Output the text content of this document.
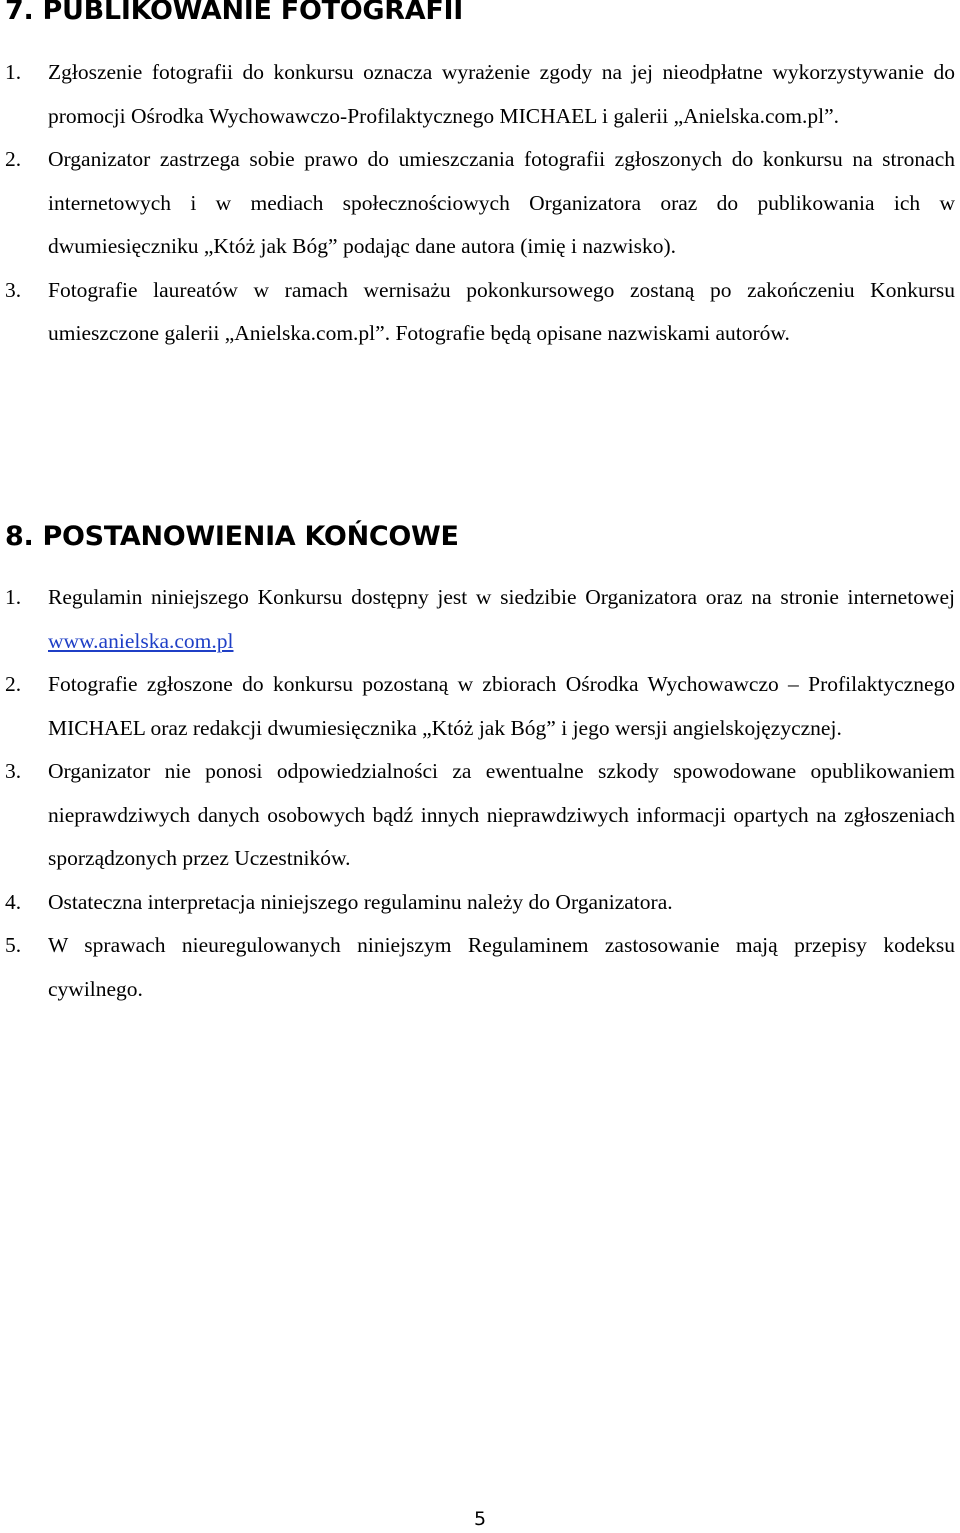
7. PUBLIKOWANIE FOTOGRAFII
1. Zgłoszenie fotografii do konkursu oznacza wyrażenie zgody na jej nieodpłatne wykorzystywanie do promocji Ośrodka Wychowawczo-Profilaktycznego MICHAEL i galerii „Anielska.com.pl”.
2. Organizator zastrzega sobie prawo do umieszczania fotografii zgłoszonych do konkursu na stronach internetowych i w mediach społecznościowych Organizatora oraz do publikowania ich w dwumiesięczniku „Któż jak Bóg” podając dane autora (imię i nazwisko).
3. Fotografie laureatów w ramach wernisażu pokonkursowego zostaną po zakończeniu Konkursu umieszczone galerii „Anielska.com.pl”. Fotografie będą opisane nazwiskami autorów.
8. POSTANOWIENIA KOŃCOWE
1. Regulamin niniejszego Konkursu dostępny jest w siedzibie Organizatora oraz na stronie internetowej www.anielska.com.pl
2. Fotografie zgłoszone do konkursu pozostaną w zbiorach Ośrodka Wychowawczo – Profilaktycznego MICHAEL oraz redakcji dwumiesięcznika „Któż jak Bóg” i jego wersji angielskojęzycznej.
3. Organizator nie ponosi odpowiedzialności za ewentualne szkody spowodowane opublikowaniem nieprawdziwych danych osobowych bądź innych nieprawdziwych informacji opartych na zgłoszeniach sporządzonych przez Uczestników.
4. Ostateczna interpretacja niniejszego regulaminu należy do Organizatora.
5. W sprawach nieuregulowanych niniejszym Regulaminem zastosowanie mają przepisy kodeksu cywilnego.
5
